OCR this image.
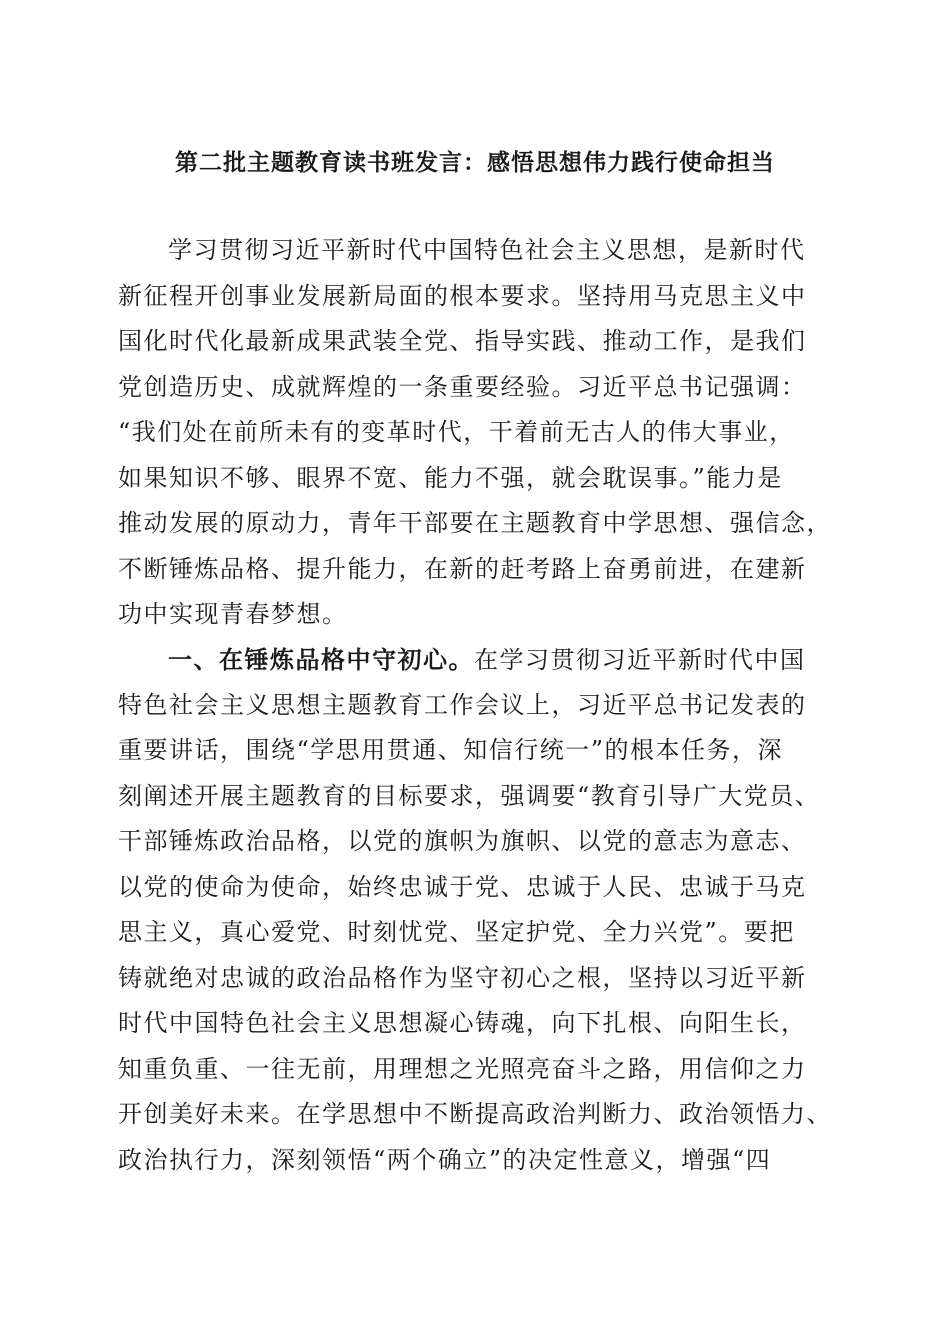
第二批主题教育读书班发言：感悟思想伟力践行使命担当
学习贯彻习近平新时代中国特色社会主义思想，是新时代
新征程开创事业发展新局面的根本要求。坚持用马克思主义中
国化时代化最新成果武装全党、指导实践、推动工作，是我们
党创造历史、成就辉煌的一条重要经验。习近平总书记强调：
“我们处在前所未有的变革时代，干着前无古人的伟大事业，
如果知识不够、眼界不宽、能力不强，就会耽误事。”能力是
推动发展的原动力，青年干部要在主题教育中学思想、强信念，
不断锤炼品格、提升能力，在新的赶考路上奋勇前进，在建新
功中实现青春梦想。
一、在锤炼品格中守初心。在学习贯彻习近平新时代中国
特色社会主义思想主题教育工作会议上，习近平总书记发表的
重要讲话，围绕“学思用贯通、知信行统一”的根本任务，深
刻阐述开展主题教育的目标要求，强调要“教育引导广大党员、
干部锤炼政治品格，以党的旗帜为旗帜、以党的意志为意志、
以党的使命为使命，始终忠诚于党、忠诚于人民、忠诚于马克
思主义，真心爱党、时刻忧党、坚定护党、全力兴党”。要把
铸就绝对忠诚的政治品格作为坚守初心之根，坚持以习近平新
时代中国特色社会主义思想凝心铸魂，向下扎根、向阳生长，
知重负重、一往无前，用理想之光照亮奋斗之路，用信仰之力
开创美好未来。在学思想中不断提高政治判断力、政治领悟力、
政治执行力，深刻领悟“两个确立”的决定性意义，增强“四
